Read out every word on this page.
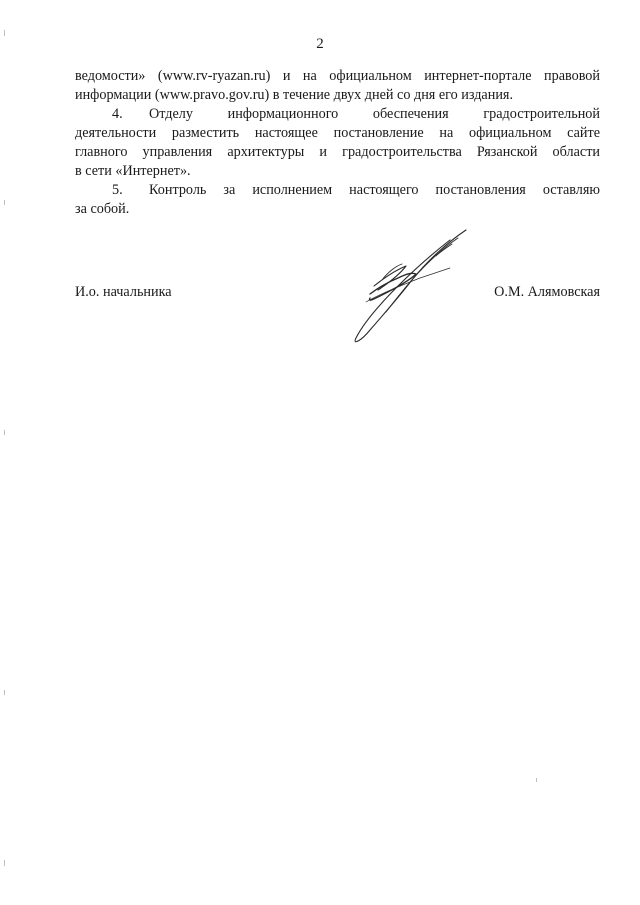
2
ведомости» (www.rv-ryazan.ru) и на официальном интернет-портале правовой
информации (www.pravo.gov.ru) в течение двух дней со дня его издания.
4. Отделу информационного обеспечения градостроительной
деятельности разместить настоящее постановление на официальном сайте
главного управления архитектуры и градостроительства Рязанской области
в сети «Интернет».
5. Контроль за исполнением настоящего постановления оставляю
за собой.
И.о. начальника	О.М. Алямовская
